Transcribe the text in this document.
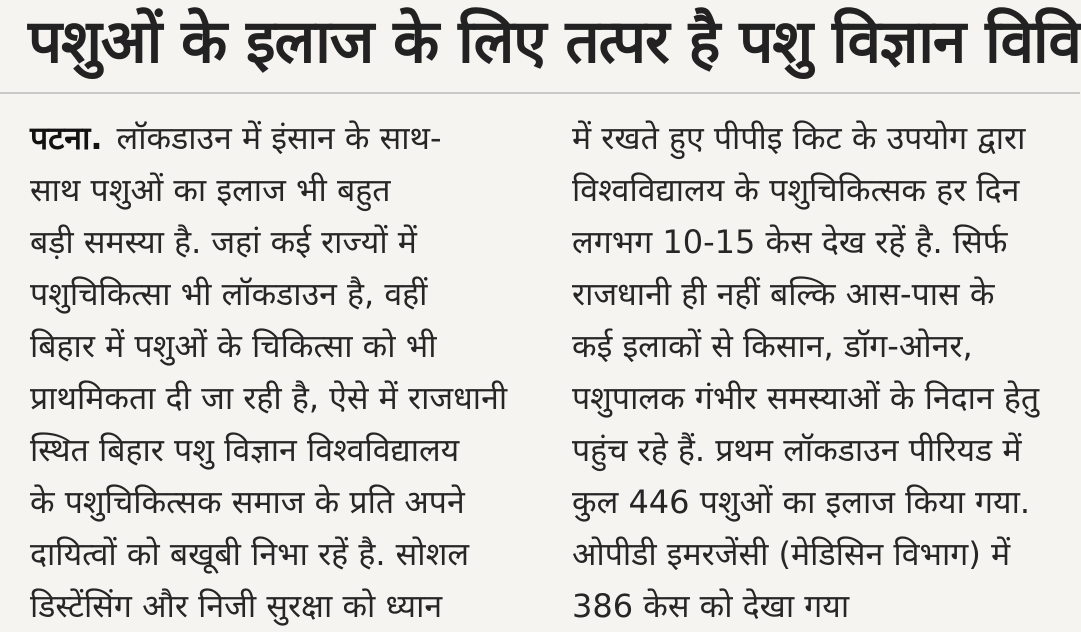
पशुओं के इलाज के लिए तत्पर है पशु विज्ञान विवि
पटना. लॉकडाउन में इंसान के साथ-
साथ पशुओं का इलाज भी बहुत
बड़ी समस्या है. जहां कई राज्यों में
पशुचिकित्सा भी लॉकडाउन है, वहीं
बिहार में पशुओं के चिकित्सा को भी
प्राथमिकता दी जा रही है, ऐसे में राजधानी
स्थित बिहार पशु विज्ञान विश्वविद्यालय
के पशुचिकित्सक समाज के प्रति अपने
दायित्वों को बखूबी निभा रहें है. सोशल
डिस्टेंसिंग और निजी सुरक्षा को ध्यान
में रखते हुए पीपीइ किट के उपयोग द्वारा
विश्वविद्यालय के पशुचिकित्सक हर दिन
लगभग 10-15 केस देख रहें है. सिर्फ
राजधानी ही नहीं बल्कि आस-पास के
कई इलाकों से किसान, डॉग-ओनर,
पशुपालक गंभीर समस्याओं के निदान हेतु
पहुंच रहे हैं. प्रथम लॉकडाउन पीरियड में
कुल 446 पशुओं का इलाज किया गया.
ओपीडी इमरजेंसी (मेडिसिन विभाग) में
386 केस को देखा गया
